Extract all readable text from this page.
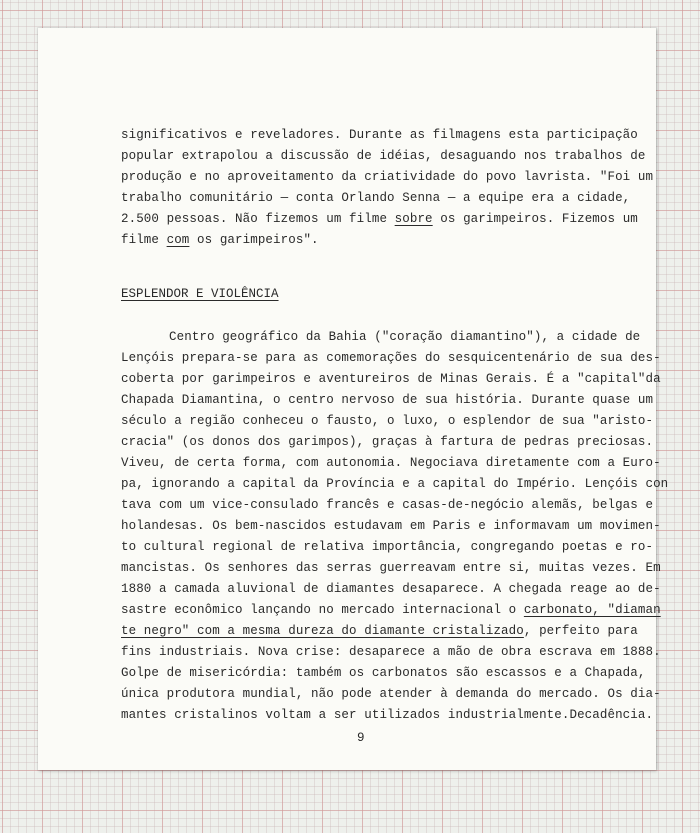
significativos e reveladores. Durante as filmagens esta participação
popular extrapolou a discussão de idéias, desaguando nos trabalhos de
produção e no aproveitamento da criatividade do povo lavrista. "Foi um
trabalho comunitário — conta Orlando Senna — a equipe era a cidade,
2.500 pessoas. Não fizemos um filme sobre os garimpeiros. Fizemos um
filme com os garimpeiros".
ESPLENDOR E VIOLÊNCIA
Centro geográfico da Bahia ("coração diamantino"), a cidade de
Lençóis prepara-se para as comemorações do sesquicentenário de sua des-
coberta por garimpeiros e aventureiros de Minas Gerais. É a "capital"da
Chapada Diamantina, o centro nervoso de sua história. Durante quase um
século a região conheceu o fausto, o luxo, o esplendor de sua "aristo-
cracia" (os donos dos garimpos), graças à fartura de pedras preciosas.
Viveu, de certa forma, com autonomia. Negociava diretamente com a Euro-
pa, ignorando a capital da Província e a capital do Império. Lençóis con
tava com um vice-consulado francês e casas-de-negócio alemãs, belgas e
holandesas. Os bem-nascidos estudavam em Paris e informavam um movimen-
to cultural regional de relativa importância, congregando poetas e ro-
mancistas. Os senhores das serras guerreavam entre si, muitas vezes. Em
1880 a camada aluvional de diamantes desaparece. A chegada reage ao de-
sastre econômico lançando no mercado internacional o carbonato, "diaman
te negro" com a mesma dureza do diamante cristalizado, perfeito para
fins industriais. Nova crise: desaparece a mão de obra escrava em 1888.
Golpe de misericórdia: também os carbonatos são escassos e a Chapada,
única produtora mundial, não pode atender à demanda do mercado. Os dia-
mantes cristalinos voltam a ser utilizados industrialmente.Decadência.
9
